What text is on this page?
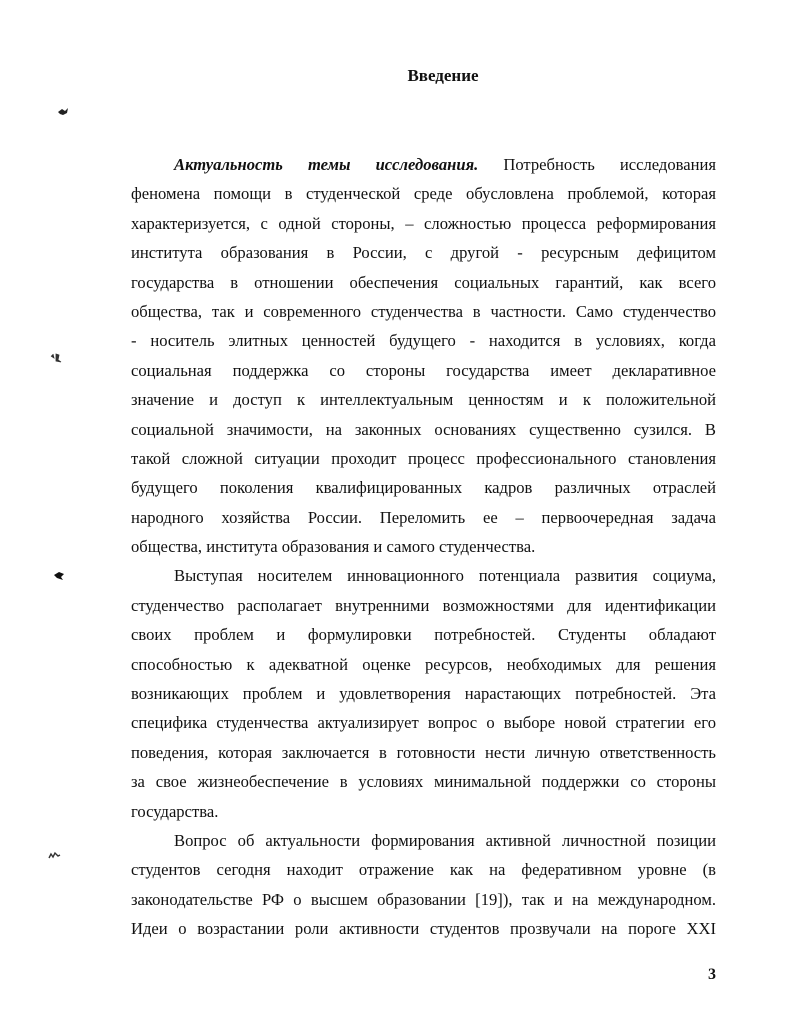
Введение
Актуальность темы исследования. Потребность исследования
феномена помощи в студенческой среде обусловлена проблемой, которая
характеризуется, с одной стороны, – сложностью процесса реформирования
института образования в России, с другой - ресурсным дефицитом
государства в отношении обеспечения социальных гарантий, как всего
общества, так и современного студенчества в частности. Само студенчество
- носитель элитных ценностей будущего - находится в условиях, когда
социальная поддержка со стороны государства имеет декларативное
значение и доступ к интеллектуальным ценностям и к положительной
социальной значимости, на законных основаниях существенно сузился. В
такой сложной ситуации проходит процесс профессионального становления
будущего поколения квалифицированных кадров различных отраслей
народного хозяйства России. Переломить ее – первоочередная задача
общества, института образования и самого студенчества.
Выступая носителем инновационного потенциала развития социума,
студенчество располагает внутренними возможностями для идентификации
своих проблем и формулировки потребностей. Студенты обладают
способностью к адекватной оценке ресурсов, необходимых для решения
возникающих проблем и удовлетворения нарастающих потребностей. Эта
специфика студенчества актуализирует вопрос о выборе новой стратегии его
поведения, которая заключается в готовности нести личную ответственность
за свое жизнеобеспечение в условиях минимальной поддержки со стороны
государства.
Вопрос об актуальности формирования активной личностной позиции
студентов сегодня находит отражение как на федеративном уровне (в
законодательстве РФ о высшем образовании [19]), так и на международном.
Идеи о возрастании роли активности студентов прозвучали на пороге XXI
3
